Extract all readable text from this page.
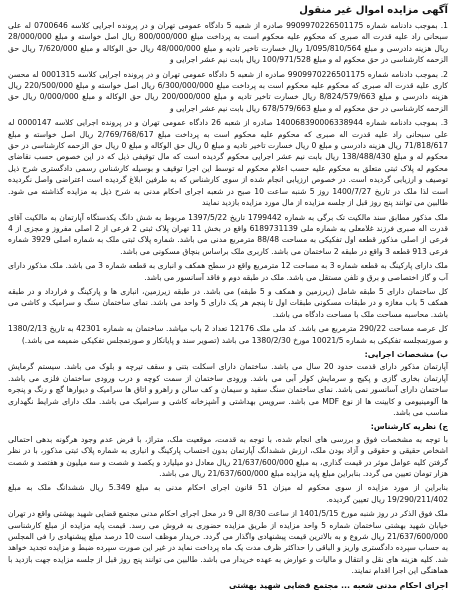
آگهی مزایده اموال غیر منقول

1. بموجب دادنامه شماره 9909970226501175 صادره از شعبه 5 دادگاه عمومی تهران و در پرونده اجرایی کلاسه 0700646 له علی سبحانی راد علیه قدرت اله صبری که محکوم علیه محکوم است به پرداخت مبلغ 800/000/000 ریال اصل خواسته و مبلغ 28/000/000 ریال هزینه دادرسی و مبلغ 1/095/810/564 ریال خسارت تاخیر تادیه و مبلغ 48/000/000 ریال حق الوکاله و مبلغ 7/620/000 ریال حق الزحمه کارشناسی در حق محکوم له و مبلغ 100/971/528 ریال بابت نیم عشر اجرایی و

2. بموجب دادنامه شماره 9909970226501175 صادره از شعبه 5 دادگاه عمومی تهران و در پرونده اجرایی کلاسه 0001315 له محسن کاری علیه قدرت اله صبری که محکوم علیه محکوم است به پرداخت مبلغ 6/300/000/000 ریال اصل خواسته و مبلغ 220/500/000 ریال هزینه دادرسی و مبلغ 8/824/579/663 ریال خسارت تاخیر تادیه و مبلغ 200/000/000 ریال حق الوکاله و مبلغ 0/000/000 ریال حق الزحمه کارشناسی در حق محکوم له و مبلغ 678/579/663 ریال بابت نیم عشر اجرایی و

3. بموجب دادنامه شماره 140068390006338944 صادره از شعبه 26 دادگاه عمومی تهران و در پرونده اجرایی کلاسه 0000147 له علی سبحانی راد علیه قدرت اله صبری که محکوم علیه محکوم است به پرداخت مبلغ 2/769/768/617 ریال اصل خواسته و مبلغ 71/818/617 ریال هزینه دادرسی و مبلغ 0 ریال خسارت تاخیر تادیه و مبلغ 0 ریال حق الوکاله و مبلغ 0 ریال حق الزحمه کارشناسی در حق محکوم له و مبلغ 138/488/430 ریال بابت نیم عشر اجرایی محکوم گردیده است که مال توقیفی ذیل که در این خصوص حسب نقاضای محکوم له پلاک ثبتی متعلق به محکوم علیه حسب اعلام محکوم له توسط این اجرا توقیف و بوسیله کارشناس رسمی دادگستری شرح ذیل توصیف و ارزیابی گردیده است. در خصوص ارزیابی انجام شده از سوی کارشناس که به طرفین ابلاغ گردیده است اعتراضی واصل نگردیده است لذا ملک در تاریخ 1400/7/27 روز 5 شنبه ساعت 10 صبح در شعبه اجرای احکام مدنی به شرح ذیل به مزایده گذاشته می شود. طالبین می توانند پنج روز قبل از جلسه مزایده از مال مورد مزایده بازدید نمایند

ملک مذکور مطابق سند مالکیت تک برگی به شماره 1799442 تاریخ 1397/5/22 مربوط به شش دانگ یکدستگاه آپارتمان به مالکیت آقای قدرت اله صبری فرزند غلامعلی به شماره ملی 6189731139 واقع در بخش 11 تهران پلاک ثبتی 2 فرعی از 2 اصلی مفروز و مجزی از 4 فرعی از اصلی مذکور قطعه اول تفکیکی به مساحت 88/48 مترمربع مدنی می باشد. شماره پلاک ثبتی ملک به شماره اصلی 3929 شماره فرعی 913 قطعه 3 واقع در طبقه 2 ساختمان می باشد. کاربری ملک براساس بنچاق مسکونی می باشد.

ملک دارای پارکینگ به قطعه شماره 3 به مساحت 12 مترمربع واقع در سطح همکف و انباری به قطعه شماره 3 می باشد. ملک مذکور دارای آب و گاز اختصاصی و برق و تلفن مستقل می باشد. ملک در طبقه دوم و فاقد آسانسور می باشد.

کل ساختمان دارای 5 طبقه شامل (زیرزمین و همکف و 5 طبقه) می باشد. در طبقه زیرزمین، انباری ها و پارکینگ و فرارداد و در طبقه همکف 5 باب مغازه و در طبقات مسکونی طبقات اول تا پنجم هر یک دارای 5 واحد می باشد. نمای ساختمان سنگ و سرامیک و کاشی می باشد. محاسبه مساحت ملک با مساحت دادگاه می باشد.

کل عرصه مساحت 290/22 مترمربع می باشد. کد ملی ملک 12176 تعداد 2 باب میاشد. ساختمان به شماره 42301 به تاریخ 1380/2/13 و صورتمجلسه تفکیکی به شماره 10021/5 مورخ 1380/2/30 می باشد (تصویر سند و پایانکار و صورتمجلس تفکیکی ضمیمه می باشد.)

ب) مشخصات اجرایی:

آپارتمان مذکور دارای قدمت حدود 20 سال می باشد. ساختمان دارای اسکلت بتنی و سقف تیرچه و بلوک می باشد. سیستم گرمایش آپارتمان بخاری گازی و پکیج و سرمایش کولر آبی می باشد. ورودی ساختمان از سمت کوچه و درب ورودی ساختمان فلزی می باشد. ساختمان دارای آسانسور نمی باشد. نمای ساختمان سنگ سفید و سیمان و کف سالن و راهرو و اتاق ها سرامیک و دیوارها گچ و رنگ و پنجره ها آلومینیومی و کابینت ها از نوع MDF می باشد. سرویس بهداشتی و آشپزخانه کاشی و سرامیک می باشد. ملک دارای شرایط نگهداری مناسب می باشد.

ج) نظریه کارشناس:

با توجه به مشخصات فوق و بررسی های انجام شده، با توجه به قدمت، موقعیت ملک، متراژ، با فرض عدم وجود هرگونه بدهی احتمالی اشخاص حقیقی و حقوقی و آزاد بودن ملک، ارزش ششدانگ آپارتمان بدون احتساب پارکینگ و انباری به شماره پلاک ثبتی مذکور، با در نظر گرفتن کلیه عوامل موثر در قیمت گذاری، به مبلغ 21/637/600/000 ریال معادل دو میلیارد و یکصد و شصت و سه میلیون و هفتصد و شصت هزار تومان تعیین می گردد. بنابراین مبلغ پایه مزایده مبلغ 21/637/600/000 ریال می باشد.

بنابراین از مورد مزایده از سوی محکوم له میزان 51 قانون اجرای احکام مدنی به مبلغ 5.349 ریال ششدانگ ملک به مبلغ 19/290/211/402 ریال تعیین گردیده.

ملک فوق الذکر در روز شنبه مورخ 1401/5/15 از ساعت 8/30 الی 9 در محل اجرای احکام مدنی مجتمع قضایی شهید بهشتی واقع در تهران خیابان شهید بهشتی ساختمان شماره 5 واحد مزایده از طریق مزایده حضوری به فروش می رسد. قیمت پایه مزایده از مبلغ کارشناسی 21/637/600/000 ریال شروع و به بالاترین قیمت پیشنهادی واگذار می گردد. خریدار موظف است 10 درصد مبلغ پیشنهادی را فی المجلس به حساب سپرده دادگستری واریز و الباقی را حداکثر ظرف مدت یک ماه پرداخت نماید در غیر این صورت سپرده ضبط و مزایده تجدید خواهد شد. کلیه هزینه های نقل و انتقال و مالیات و عوارض به عهده خریدار می باشد. طالبین می توانند پنج روز قبل از جلسه مزایده جهت بازدید با هماهنگی این اجرا اقدام نمایند.

اجرای احکام مدنی شعبه ... مجتمع قضایی شهید بهشتی
